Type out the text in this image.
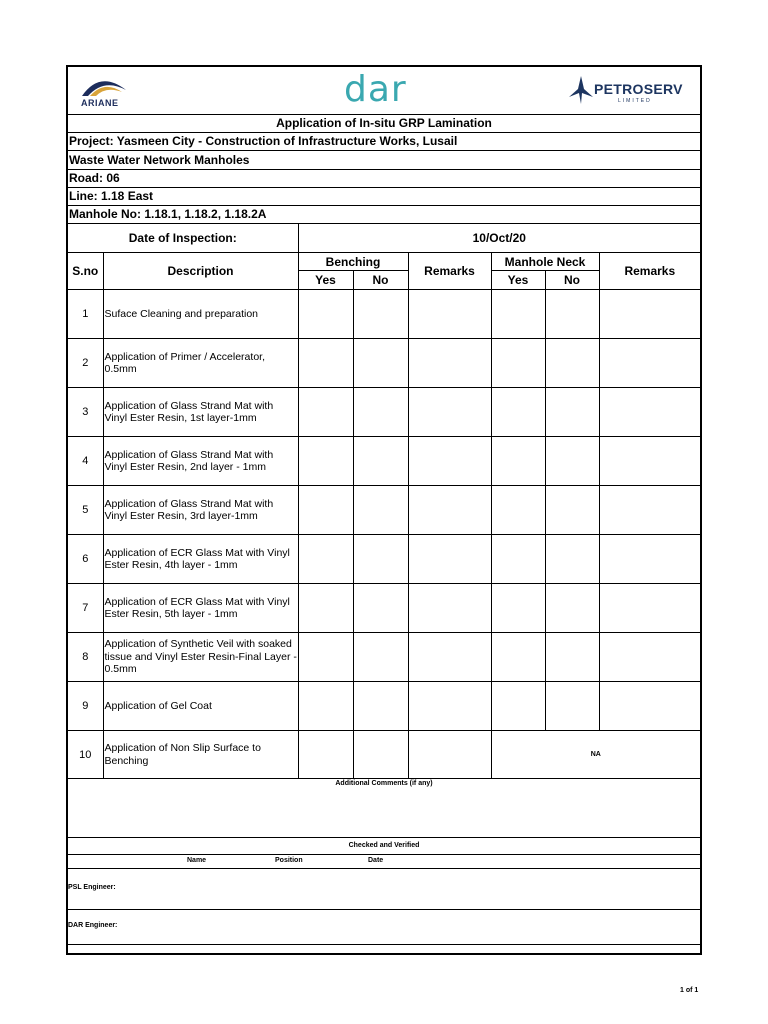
ARIANE	dar	PETROSERV
LIMITED
Application of In-situ GRP Lamination
Project: Yasmeen City - Construction of Infrastructure Works, Lusail
Waste Water Network Manholes
Road: 06
Line: 1.18 East
Manhole No: 1.18.1, 1.18.2, 1.18.2A
Date of Inspection:		10/Oct/20					
S.no	Description	Benching		Remarks	Manhole Neck		Remarks
		Yes	No		Yes	No	
1	Suface Cleaning and preparation						
2	Application of Primer / Accelerator, 0.5mm						
3	Application of Glass Strand Mat with Vinyl Ester Resin, 1st layer-1mm						
4	Application of Glass Strand Mat with Vinyl Ester Resin, 2nd layer - 1mm						
5	Application of Glass Strand Mat with Vinyl Ester Resin, 3rd layer-1mm						
6	Application of ECR Glass Mat with Vinyl Ester Resin, 4th layer - 1mm						
7	Application of ECR Glass Mat with Vinyl Ester Resin, 5th layer - 1mm						
8	Application of Synthetic Veil with soaked tissue and Vinyl Ester Resin-Final Layer - 0.5mm						
9	Application of Gel Coat						
10	Application of Non Slip Surface to Benching				NA		
Additional Comments (if any)
Checked and Verified
Name	Position	Date
PSL Engineer:
DAR Engineer:
1 of 1
